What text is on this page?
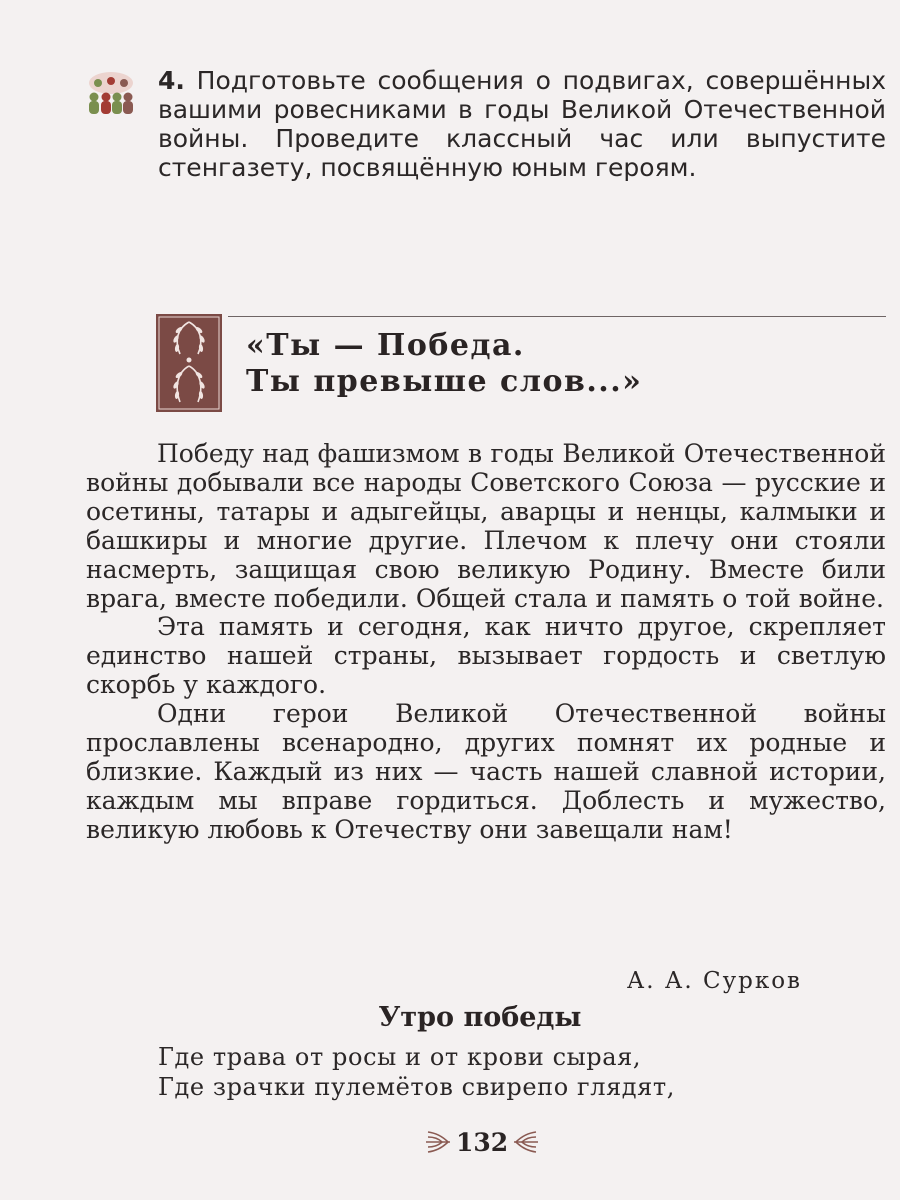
4. Подготовьте сообщения о подвигах, совершённых вашими ровесниками в годы Великой Отечественной войны. Проведите классный час или выпустите стенгазету, посвящённую юным героям.
«Ты — Победа.
Ты превыше слов...»

Победу над фашизмом в годы Великой Отечественной войны добывали все народы Советского Союза — русские и осетины, татары и адыгейцы, аварцы и ненцы, калмыки и башкиры и многие другие. Плечом к плечу они стояли насмерть, защищая свою великую Родину. Вместе били врага, вместе победили. Общей стала и память о той войне.

Эта память и сегодня, как ничто другое, скрепляет единство нашей страны, вызывает гордость и светлую скорбь у каждого.

Одни герои Великой Отечественной войны прославлены всенародно, других помнят их родные и близкие. Каждый из них — часть нашей славной истории, каждым мы вправе гордиться. Доблесть и мужество, великую любовь к Отечеству они завещали нам!

А. А. Сурков
Утро победы
Где трава от росы и от крови сырая,
Где зрачки пулемётов свирепо глядят,
132
